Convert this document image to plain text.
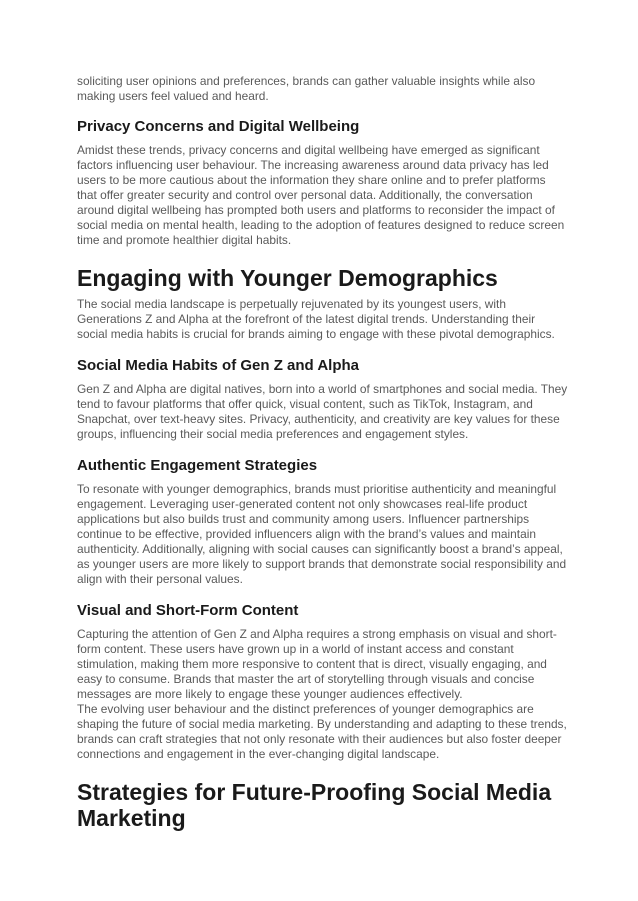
soliciting user opinions and preferences, brands can gather valuable insights while also making users feel valued and heard.

Privacy Concerns and Digital Wellbeing

Amidst these trends, privacy concerns and digital wellbeing have emerged as significant factors influencing user behaviour. The increasing awareness around data privacy has led users to be more cautious about the information they share online and to prefer platforms that offer greater security and control over personal data. Additionally, the conversation around digital wellbeing has prompted both users and platforms to reconsider the impact of social media on mental health, leading to the adoption of features designed to reduce screen time and promote healthier digital habits.

Engaging with Younger Demographics

The social media landscape is perpetually rejuvenated by its youngest users, with Generations Z and Alpha at the forefront of the latest digital trends. Understanding their social media habits is crucial for brands aiming to engage with these pivotal demographics.

Social Media Habits of Gen Z and Alpha

Gen Z and Alpha are digital natives, born into a world of smartphones and social media. They tend to favour platforms that offer quick, visual content, such as TikTok, Instagram, and Snapchat, over text-heavy sites. Privacy, authenticity, and creativity are key values for these groups, influencing their social media preferences and engagement styles.

Authentic Engagement Strategies

To resonate with younger demographics, brands must prioritise authenticity and meaningful engagement. Leveraging user-generated content not only showcases real-life product applications but also builds trust and community among users. Influencer partnerships continue to be effective, provided influencers align with the brand’s values and maintain authenticity. Additionally, aligning with social causes can significantly boost a brand’s appeal, as younger users are more likely to support brands that demonstrate social responsibility and align with their personal values.

Visual and Short-Form Content

Capturing the attention of Gen Z and Alpha requires a strong emphasis on visual and short-form content. These users have grown up in a world of instant access and constant stimulation, making them more responsive to content that is direct, visually engaging, and easy to consume. Brands that master the art of storytelling through visuals and concise messages are more likely to engage these younger audiences effectively.

The evolving user behaviour and the distinct preferences of younger demographics are shaping the future of social media marketing. By understanding and adapting to these trends, brands can craft strategies that not only resonate with their audiences but also foster deeper connections and engagement in the ever-changing digital landscape.

Strategies for Future-Proofing Social Media Marketing
